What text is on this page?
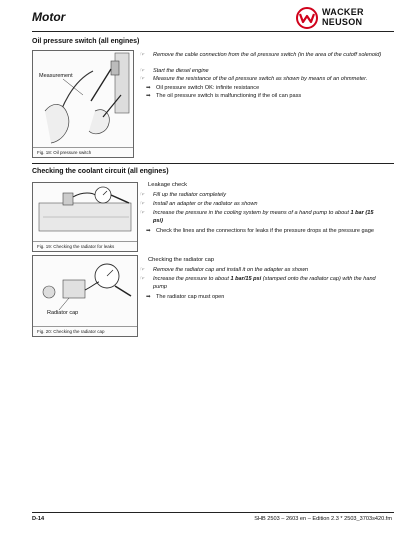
Motor	WACKER
NEUSON
Oil pressure switch (all engines)
Measurement
Fig. 18: Oil pressure switch
☞	Remove the cable connection from the oil pressure switch (in the area of the cutoff solenoid)
☞	Start the diesel engine
☞	Measure the resistance of the oil pressure switch as shown by means of an ohmmeter.
➡ Oil pressure switch OK: infinite resistance
➡ The oil pressure switch is malfunctioning if the oil can pass
Checking the coolant circuit (all engines)
Fig. 19: Checking the radiator for leaks
Leakage check
☞	Fill up the radiator completely
☞	Install an adapter or the radiator as shown
☞	Increase the pressure in the cooling system by means of a hand pump to about 1 bar (15 psi)
➡ Check the lines and the connections for leaks if the pressure drops at the pressure gage
Radiator cap
Fig. 20: Checking the radiator cap
Checking the radiator cap
☞	Remove the radiator cap and install it on the adapter as shown
☞	Increase the pressure to about 1 bar/15 psi (stamped onto the radiator cap) with the hand pump
➡ The radiator cap must open
D-14	SHB 2503 – 2603 en – Edition 2.3 * 2503_3703s420.fm
